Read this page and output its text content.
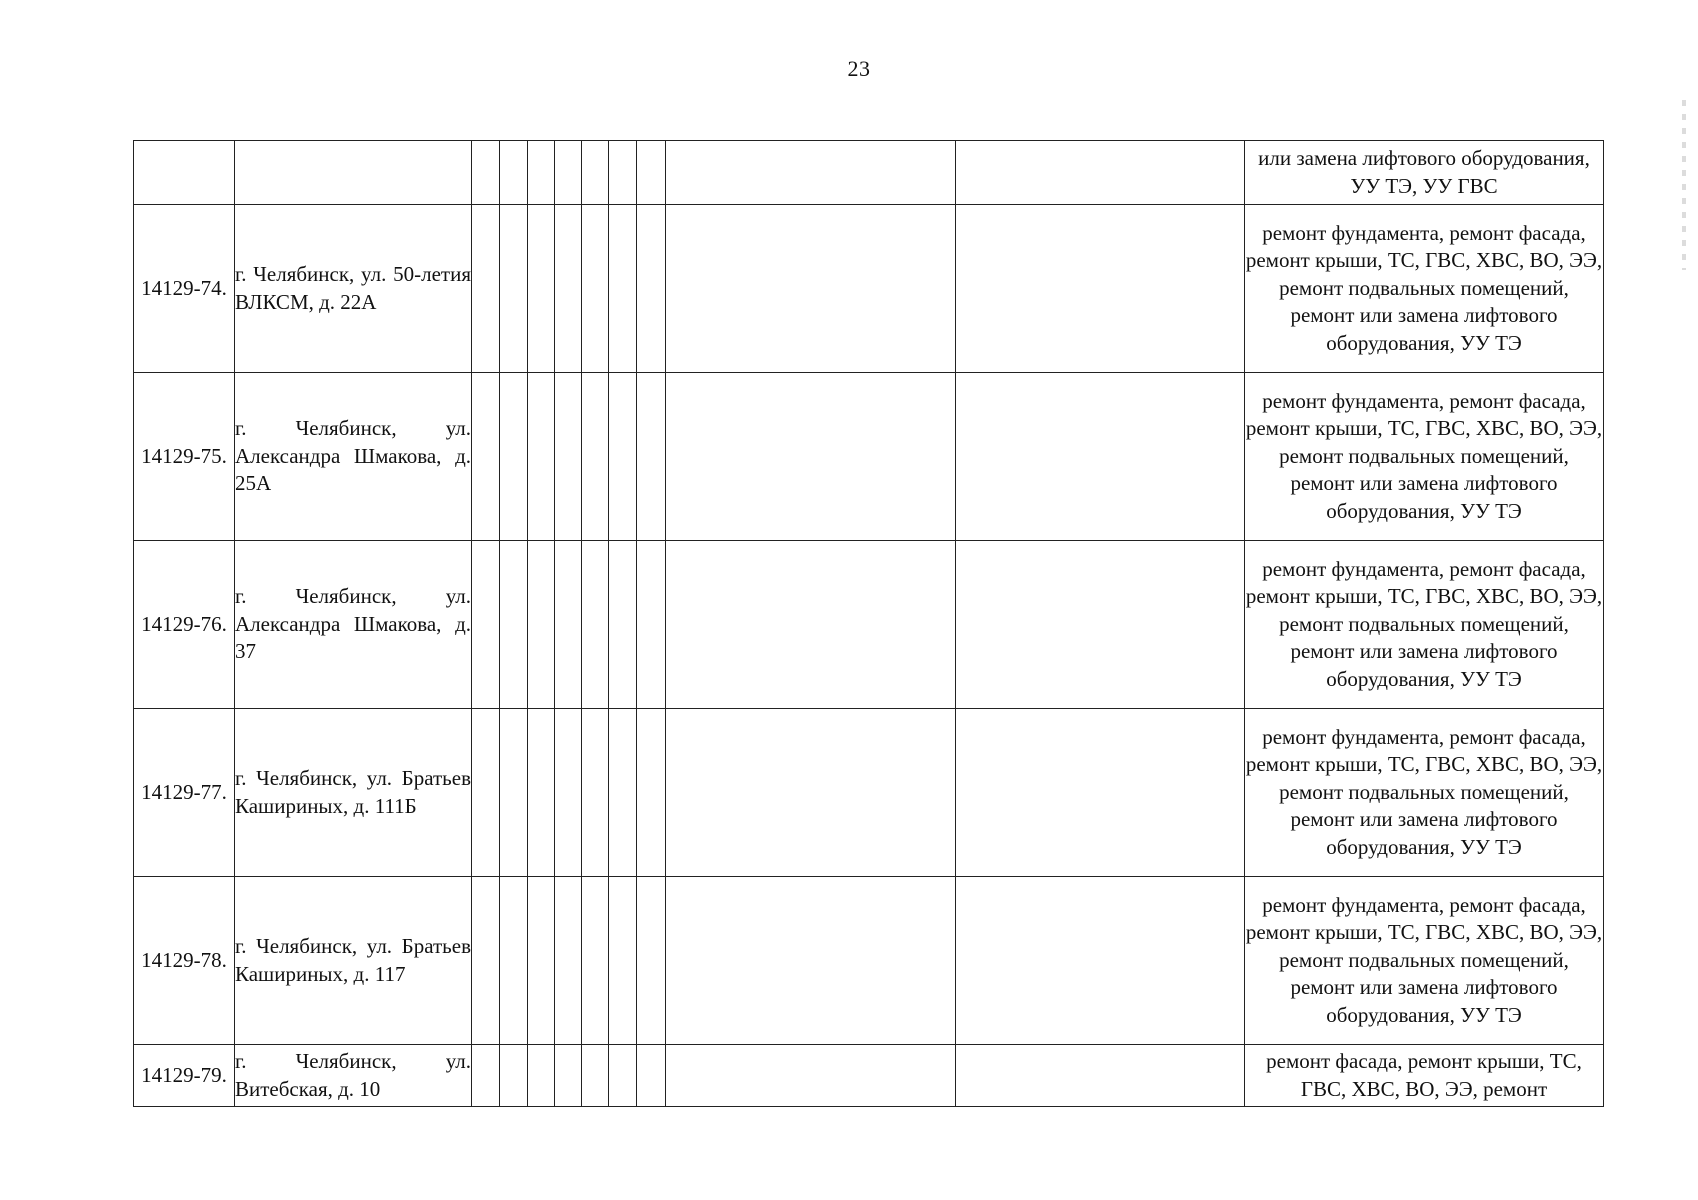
23
											или замена лифтового оборудования, УУ ТЭ, УУ ГВС
14129-74.	г. Челябинск, ул. 50-летия ВЛКСМ, д. 22А										ремонт фундамента, ремонт фасада, ремонт крыши, ТС, ГВС, ХВС, ВО, ЭЭ, ремонт подвальных помещений, ремонт или замена лифтового оборудования, УУ ТЭ
14129-75.	г. Челябинск, ул. Александра Шмакова, д. 25А										ремонт фундамента, ремонт фасада, ремонт крыши, ТС, ГВС, ХВС, ВО, ЭЭ, ремонт подвальных помещений, ремонт или замена лифтового оборудования, УУ ТЭ
14129-76.	г. Челябинск, ул. Александра Шмакова, д. 37										ремонт фундамента, ремонт фасада, ремонт крыши, ТС, ГВС, ХВС, ВО, ЭЭ, ремонт подвальных помещений, ремонт или замена лифтового оборудования, УУ ТЭ
14129-77.	г. Челябинск, ул. Братьев Кашириных, д. 111Б										ремонт фундамента, ремонт фасада, ремонт крыши, ТС, ГВС, ХВС, ВО, ЭЭ, ремонт подвальных помещений, ремонт или замена лифтового оборудования, УУ ТЭ
14129-78.	г. Челябинск, ул. Братьев Кашириных, д. 117										ремонт фундамента, ремонт фасада, ремонт крыши, ТС, ГВС, ХВС, ВО, ЭЭ, ремонт подвальных помещений, ремонт или замена лифтового оборудования, УУ ТЭ
14129-79.	г. Челябинск, ул. Витебская, д. 10										ремонт фасада, ремонт крыши, ТС, ГВС, ХВС, ВО, ЭЭ, ремонт
